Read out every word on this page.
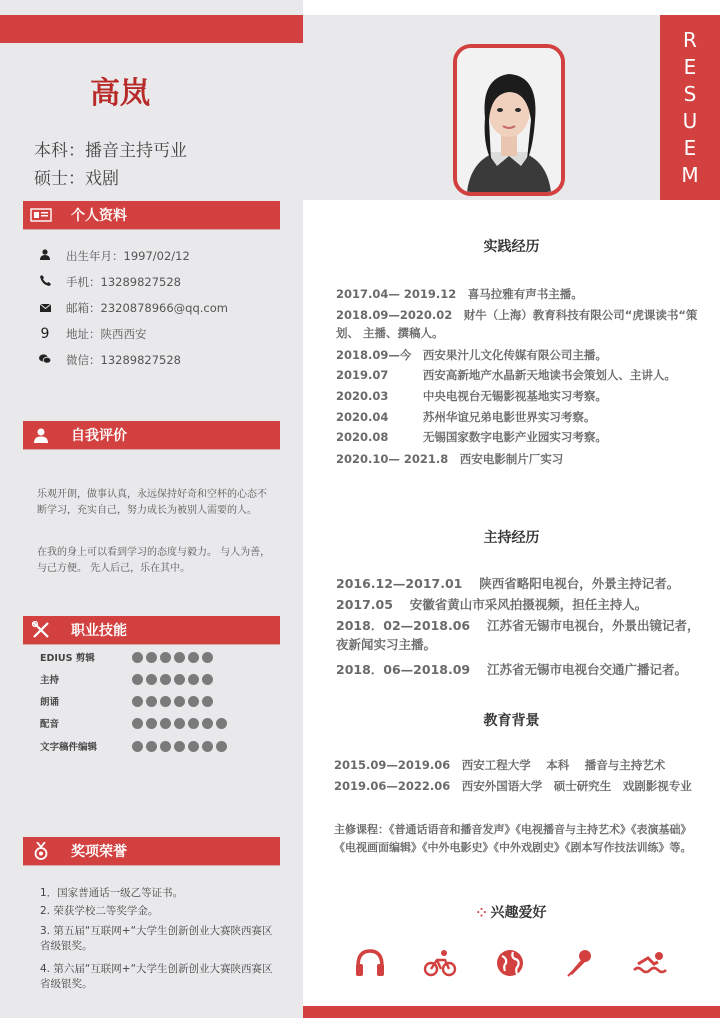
R
E
S
U
E
M
高岚
本科：播音主持丐业
硕士：戏剧
个人资料
出生年月：1997/02/12
手机：13289827528
邮箱：2320878966@qq.com
9 地址：陕西西安
微信：13289827528
自我评价
乐观开朗，做事认真，永远保持好奇和空杯的心态不断学习，充实自己，努力成长为被别人需要的人。
在我的身上可以看到学习的态度与毅力。 与人为善，与己方便。 先人后己，乐在其中。
职业技能
EDIUS 剪辑
主持
朗诵
配音
文字稿件编辑
奖项荣誉
1．国家普通话一级乙等证书。
2. 荣获学校二等奖学金。
3. 第五届“互联网+“大学生创新创业大赛陕西赛区省级银奖。
4. 第六届“互联网+“大学生创新创业大赛陕西赛区省级银奖。
实践经历
2017.04— 2019.12　喜马拉雅有声书主播。
2018.09—2020.02　财牛（上海）教育科技有限公司“虎课读书“策划、 主播、撰稿人。
2018.09—今　西安果汁儿文化传媒有限公司主播。
2019.07　　　西安高新地产水晶新天地读书会策划人、主讲人。
2020.03　　　中央电视台无锡影视基地实习考察。
2020.04　　　苏州华谊兄弟电影世界实习考察。
2020.08　　　无锡国家数字电影产业园实习考察。
2020.10— 2021.8　西安电影制片厂实习
主持经历
2016.12—2017.01　 陕西省略阳电视台，外景主持记者。
2017.05　 安徽省黄山市采风拍摄视频，担任主持人。
2018．02—2018.06　 江苏省无锡市电视台，外景出镜记者，夜新闻实习主播。
2018．06—2018.09　 江苏省无锡市电视台交通广播记者。
教育背景
2015.09—2019.06　西安工程大学　 本科　 播音与主持艺术
2019.06—2022.06　西安外国语大学　硕士研究生　戏剧影视专业
主修课程：《普通话语音和播音发声》《电视播音与主持艺术》《表演基础》《电视画面编辑》《中外电影史》《中外戏剧史》《剧本写作技法训练》等。
⁘ 兴趣爱好
